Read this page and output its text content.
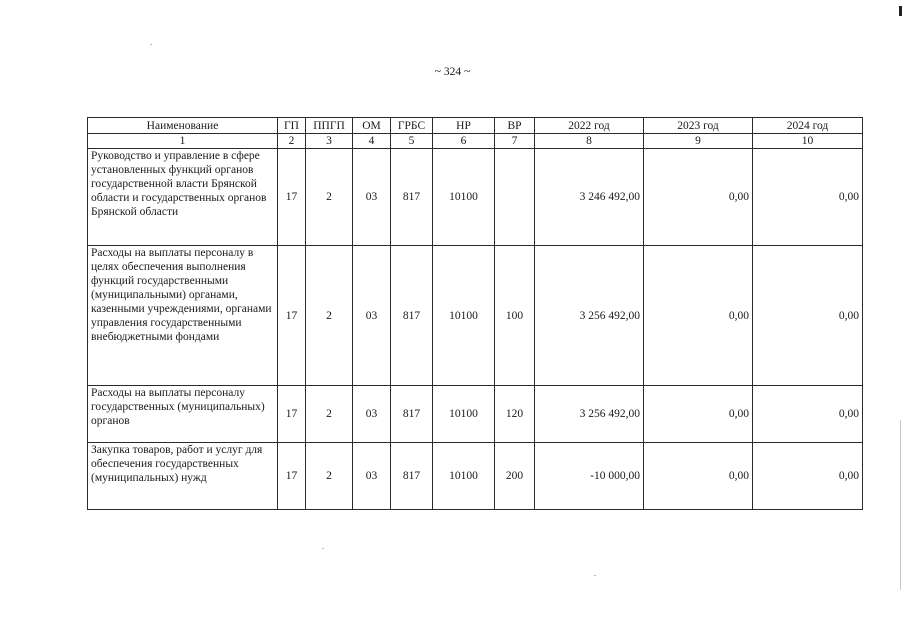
~ 324 ~
Наименование	ГП	ППГП	ОМ	ГРБС	НР	ВР	2022 год	2023 год	2024 год
1	2	3	4	5	6	7	8	9	10
Руководство и управление в сфере установленных функций органов государственной власти Брянской области и государственных органов Брянской области	17	2	03	817	10100		3 246 492,00	0,00	0,00
Расходы на выплаты персоналу в целях обеспечения выполнения функций государственными (муниципальными) органами, казенными учреждениями, органами управления государственными внебюджетными фондами	17	2	03	817	10100	100	3 256 492,00	0,00	0,00
Расходы на выплаты персоналу государственных (муниципальных) органов	17	2	03	817	10100	120	3 256 492,00	0,00	0,00
Закупка товаров, работ и услуг для обеспечения государственных (муниципальных) нужд	17	2	03	817	10100	200	-10 000,00	0,00	0,00
